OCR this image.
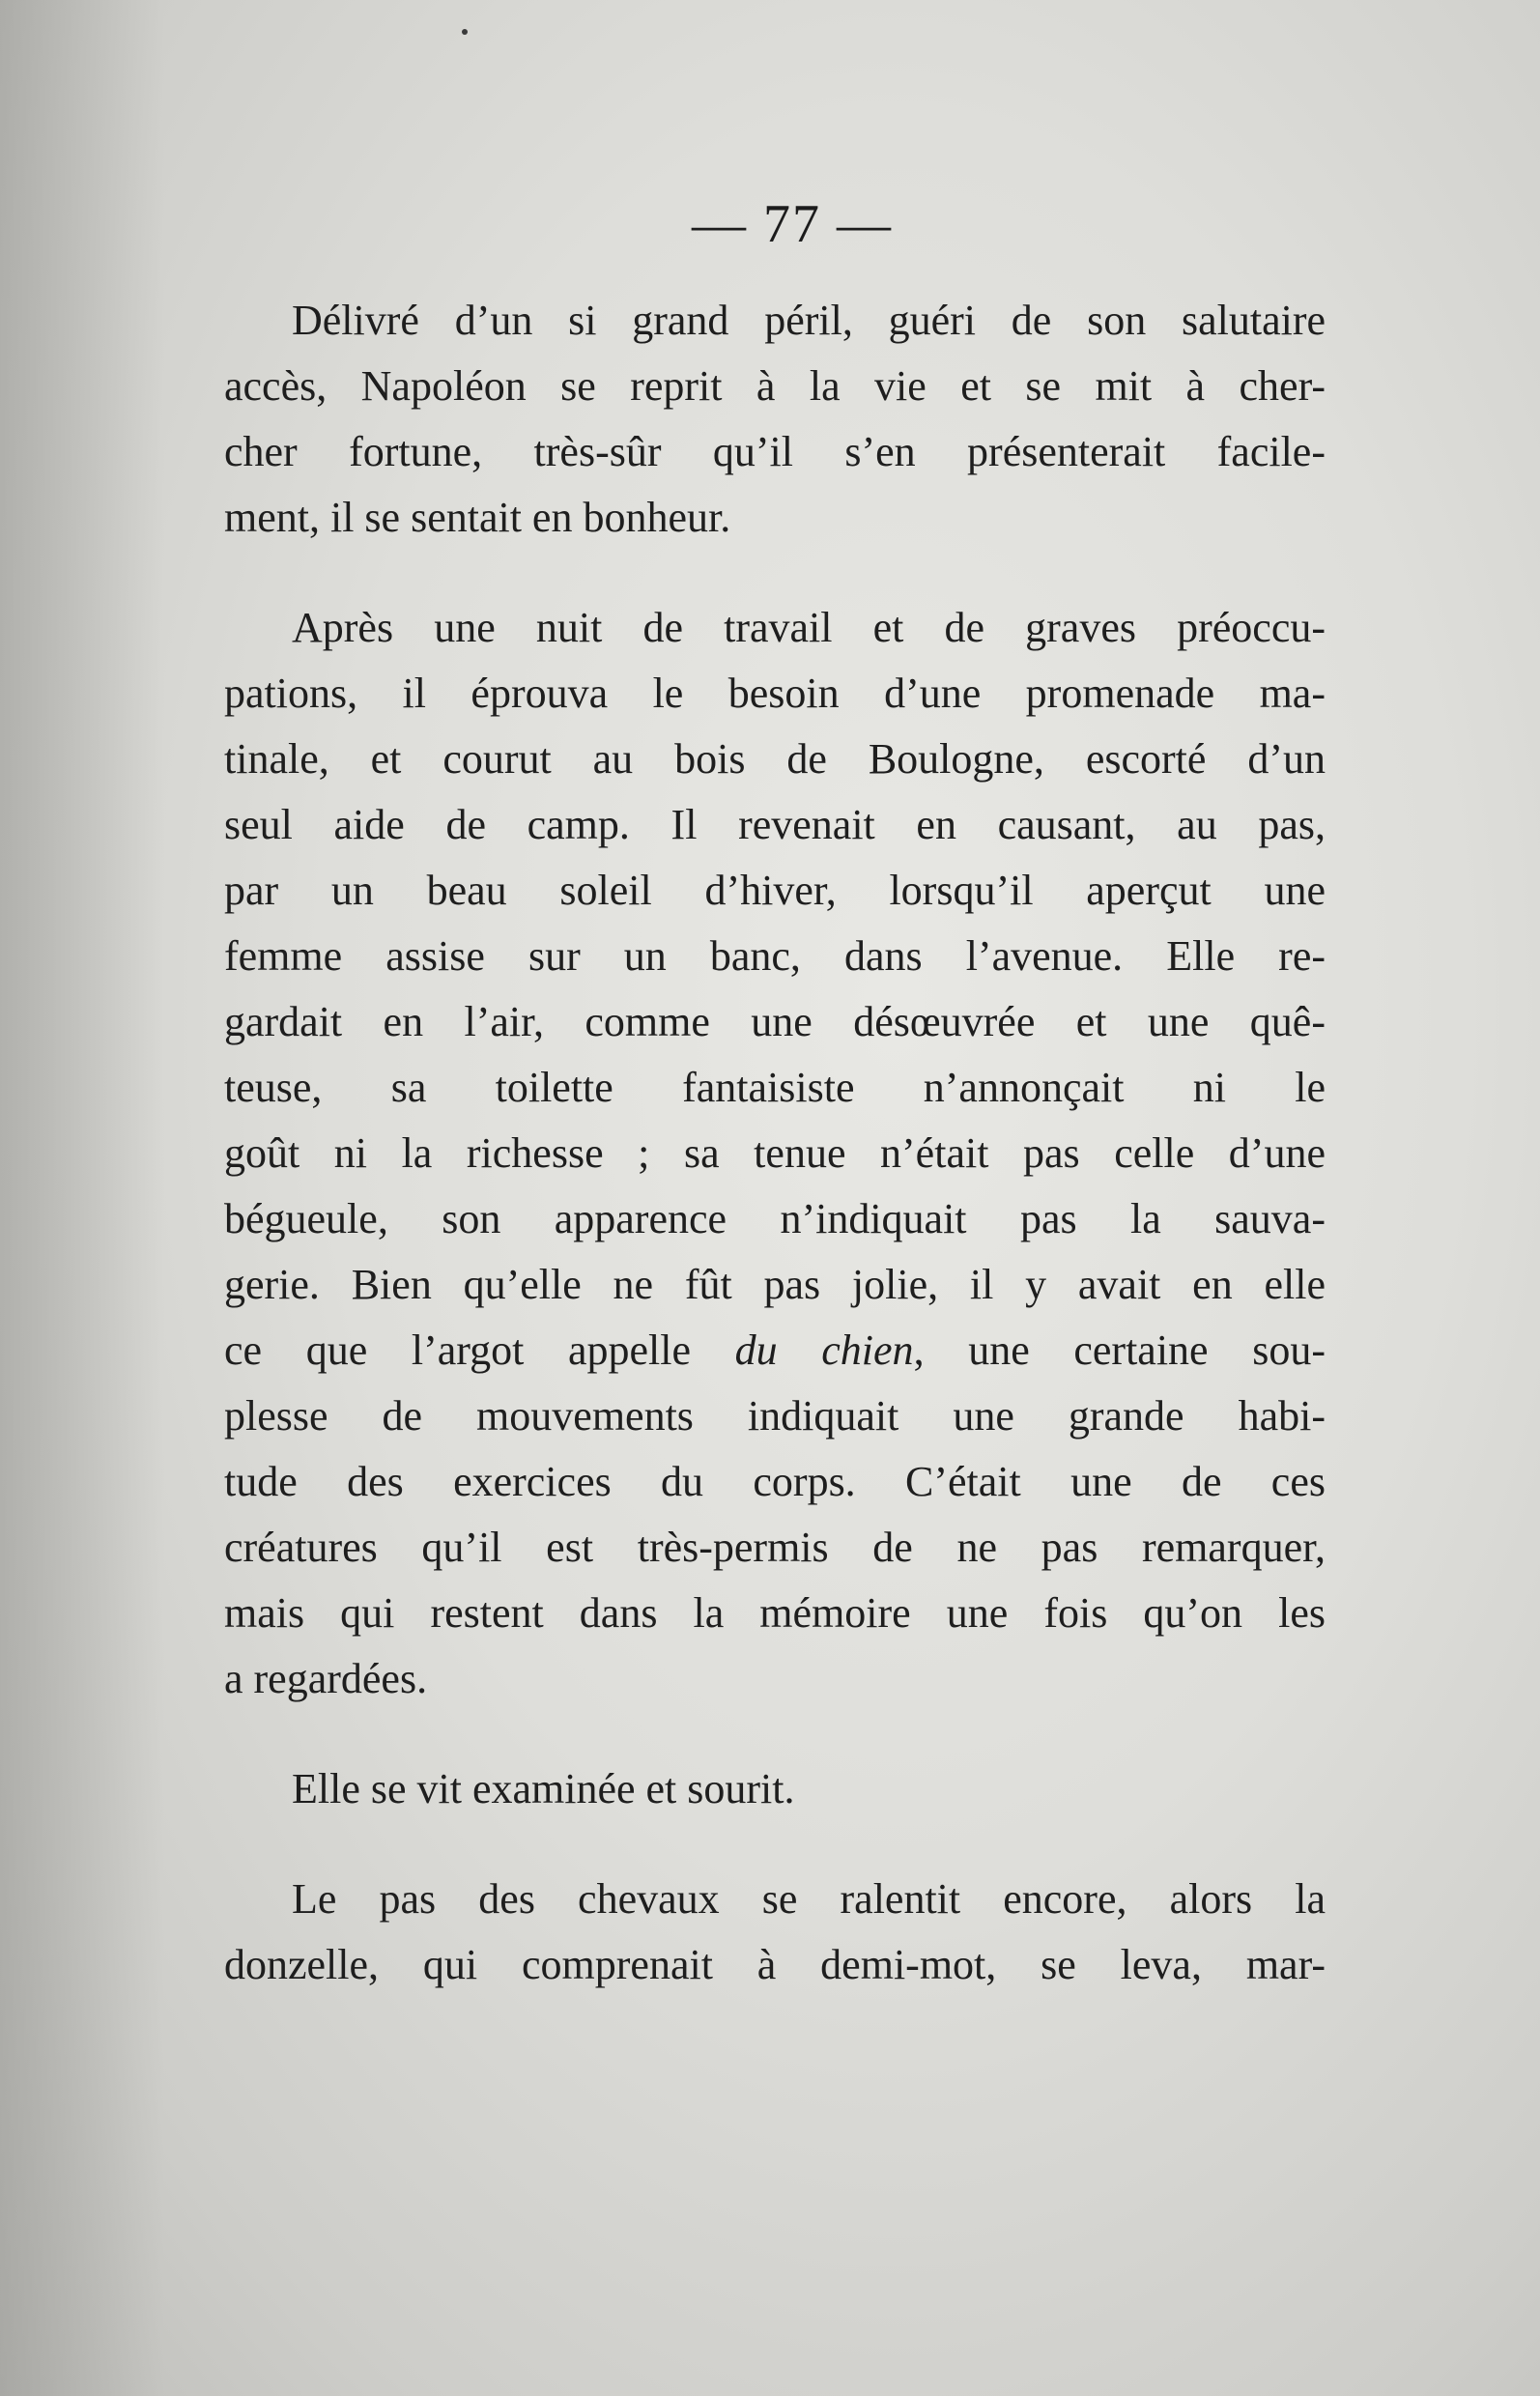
— 77 —

Délivré d’un si grand péril, guéri de son salutaire
accès, Napoléon se reprit à la vie et se mit à cher-
cher fortune, très-sûr qu’il s’en présenterait facile-
ment, il se sentait en bonheur.

Après une nuit de travail et de graves préoccu-
pations, il éprouva le besoin d’une promenade ma-
tinale, et courut au bois de Boulogne, escorté d’un
seul aide de camp. Il revenait en causant, au pas,
par un beau soleil d’hiver, lorsqu’il aperçut une
femme assise sur un banc, dans l’avenue. Elle re-
gardait en l’air, comme une désœuvrée et une quê-
teuse, sa toilette fantaisiste n’annonçait ni le
goût ni la richesse ; sa tenue n’était pas celle d’une
bégueule, son apparence n’indiquait pas la sauva-
gerie. Bien qu’elle ne fût pas jolie, il y avait en elle
ce que l’argot appelle du chien, une certaine sou-
plesse de mouvements indiquait une grande habi-
tude des exercices du corps. C’était une de ces
créatures qu’il est très-permis de ne pas remarquer,
mais qui restent dans la mémoire une fois qu’on les
a regardées.

Elle se vit examinée et sourit.

Le pas des chevaux se ralentit encore, alors la
donzelle, qui comprenait à demi-mot, se leva, mar-
